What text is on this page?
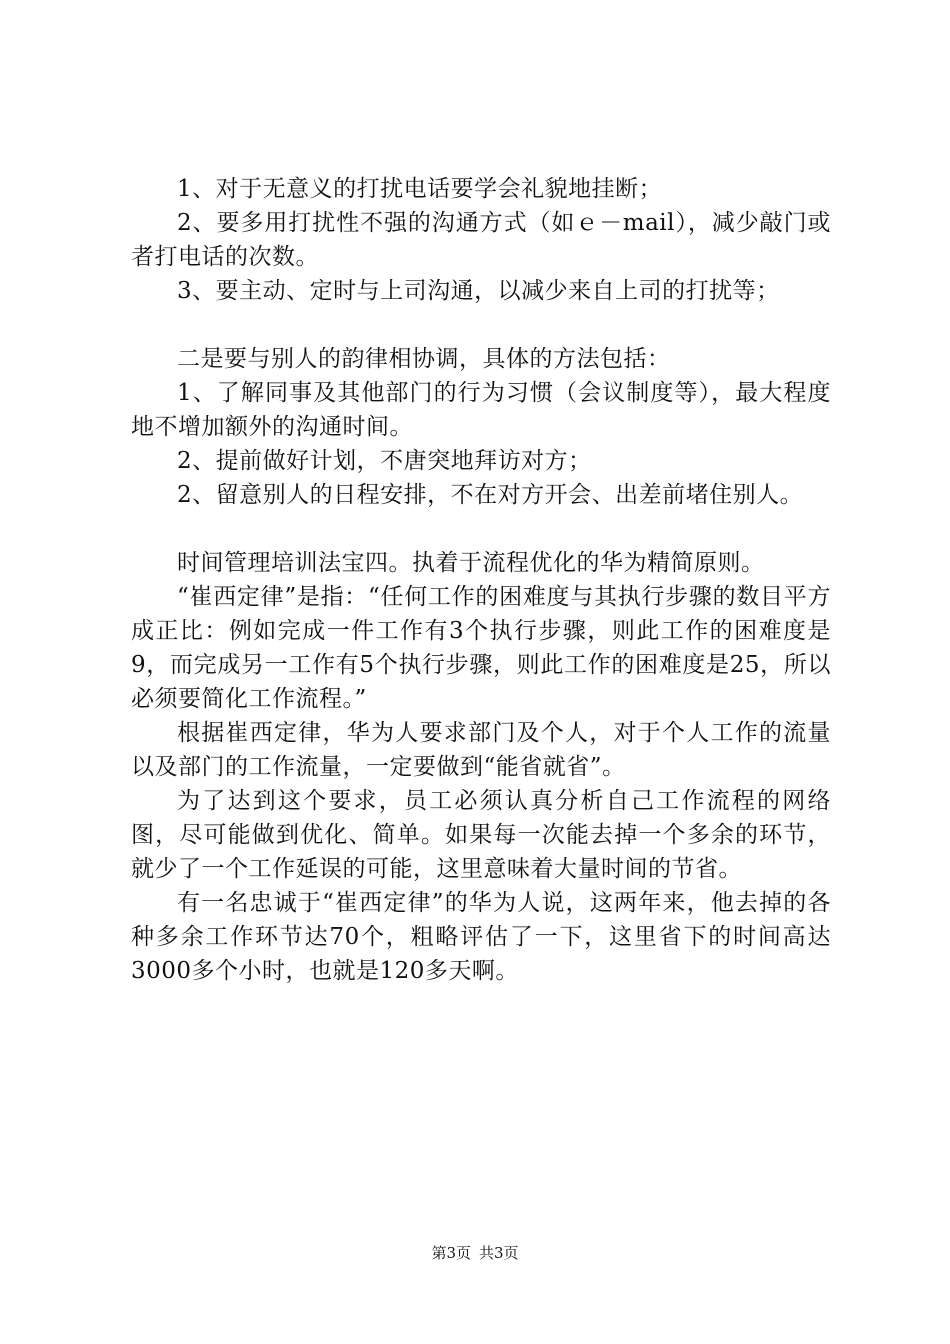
1、对于无意义的打扰电话要学会礼貌地挂断；

2、要多用打扰性不强的沟通方式（如ｅ－mail），减少敲门或者打电话的次数。

3、要主动、定时与上司沟通，以减少来自上司的打扰等；

二是要与别人的韵律相协调，具体的方法包括：

1、了解同事及其他部门的行为习惯（会议制度等），最大程度地不增加额外的沟通时间。

2、提前做好计划，不唐突地拜访对方；

2、留意别人的日程安排，不在对方开会、出差前堵住别人。

时间管理培训法宝四。执着于流程优化的华为精简原则。

“崔西定律”是指：“任何工作的困难度与其执行步骤的数目平方成正比：例如完成一件工作有3个执行步骤，则此工作的困难度是9，而完成另一工作有5个执行步骤，则此工作的困难度是25，所以必须要简化工作流程。”

根据崔西定律，华为人要求部门及个人，对于个人工作的流量以及部门的工作流量，一定要做到“能省就省”。

为了达到这个要求，员工必须认真分析自己工作流程的网络图，尽可能做到优化、简单。如果每一次能去掉一个多余的环节，就少了一个工作延误的可能，这里意味着大量时间的节省。

有一名忠诚于“崔西定律”的华为人说，这两年来，他去掉的各种多余工作环节达70个，粗略评估了一下，这里省下的时间高达3000多个小时，也就是120多天啊。

第3页 共3页
